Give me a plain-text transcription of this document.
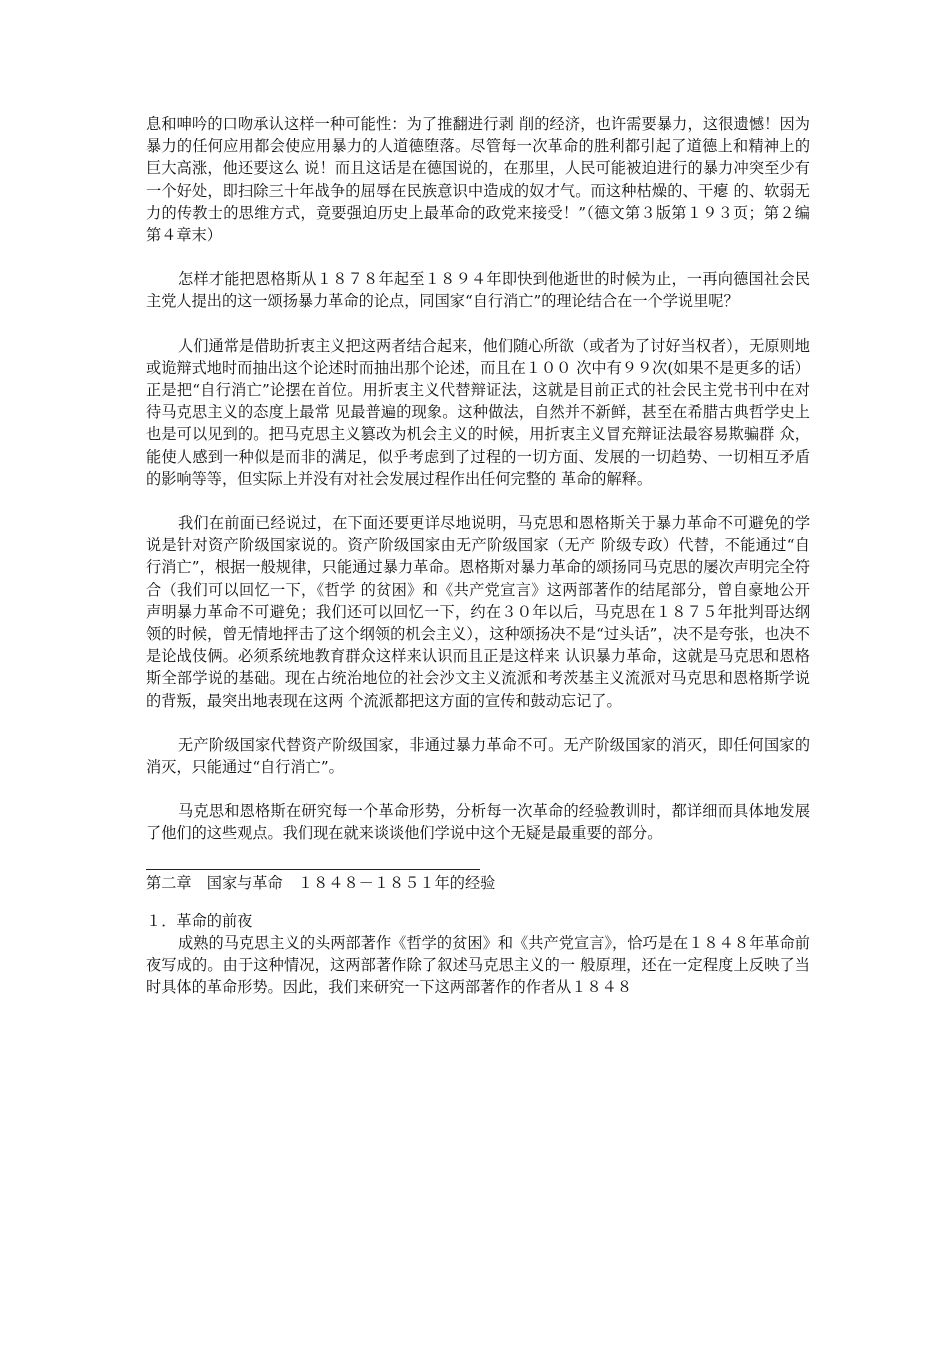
息和呻吟的口吻承认这样一种可能性：为了推翻进行剥 削的经济，也许需要暴力，这很遗憾！因为暴力的任何应用都会使应用暴力的人道德堕落。尽管每一次革命的胜利都引起了道德上和精神上的巨大高涨，他还要这么 说！而且这话是在德国说的，在那里，人民可能被迫进行的暴力冲突至少有一个好处，即扫除三十年战争的屈辱在民族意识中造成的奴才气。而这种枯燥的、干瘪 的、软弱无力的传教士的思维方式，竟要强迫历史上最革命的政党来接受！”（德文第３版第１９３页；第２编第４章末）

怎样才能把恩格斯从１８７８年起至１８９４年即快到他逝世的时候为止，一再向德国社会民主党人提出的这一颂扬暴力革命的论点，同国家“自行消亡”的理论结合在一个学说里呢？

人们通常是借助折衷主义把这两者结合起来，他们随心所欲（或者为了讨好当权者），无原则地或诡辩式地时而抽出这个论述时而抽出那个论述，而且在１００ 次中有９９次(如果不是更多的话）正是把“自行消亡”论摆在首位。用折衷主义代替辩证法，这就是目前正式的社会民主党书刊中在对待马克思主义的态度上最常 见最普遍的现象。这种做法，自然并不新鲜，甚至在希腊古典哲学史上也是可以见到的。把马克思主义篡改为机会主义的时候，用折衷主义冒充辩证法最容易欺骗群 众，能使人感到一种似是而非的满足，似乎考虑到了过程的一切方面、发展的一切趋势、一切相互矛盾的影响等等，但实际上并没有对社会发展过程作出任何完整的 革命的解释。

我们在前面已经说过，在下面还要更详尽地说明，马克思和恩格斯关于暴力革命不可避免的学说是针对资产阶级国家说的。资产阶级国家由无产阶级国家（无产 阶级专政）代替，不能通过“自行消亡”，根据一般规律，只能通过暴力革命。恩格斯对暴力革命的颂扬同马克思的屡次声明完全符合（我们可以回忆一下，《哲学 的贫困》和《共产党宣言》这两部著作的结尾部分，曾自豪地公开声明暴力革命不可避免；我们还可以回忆一下，约在３０年以后，马克思在１８７５年批判哥达纲 领的时候，曾无情地抨击了这个纲领的机会主义），这种颂扬决不是“过头话”，决不是夸张，也决不是论战伎俩。必须系统地教育群众这样来认识而且正是这样来 认识暴力革命，这就是马克思和恩格斯全部学说的基础。现在占统治地位的社会沙文主义流派和考茨基主义流派对马克思和恩格斯学说的背叛，最突出地表现在这两 个流派都把这方面的宣传和鼓动忘记了。

无产阶级国家代替资产阶级国家，非通过暴力革命不可。无产阶级国家的消灭，即任何国家的消灭，只能通过“自行消亡”。

马克思和恩格斯在研究每一个革命形势，分析每一次革命的经验教训时，都详细而具体地发展了他们的这些观点。我们现在就来谈谈他们学说中这个无疑是最重要的部分。

第二章　国家与革命　１８４８－１８５１年的经验

１．革命的前夜

成熟的马克思主义的头两部著作《哲学的贫困》和《共产党宣言》，恰巧是在１８４８年革命前夜写成的。由于这种情况，这两部著作除了叙述马克思主义的一 般原理，还在一定程度上反映了当时具体的革命形势。因此，我们来研究一下这两部著作的作者从１８４８
